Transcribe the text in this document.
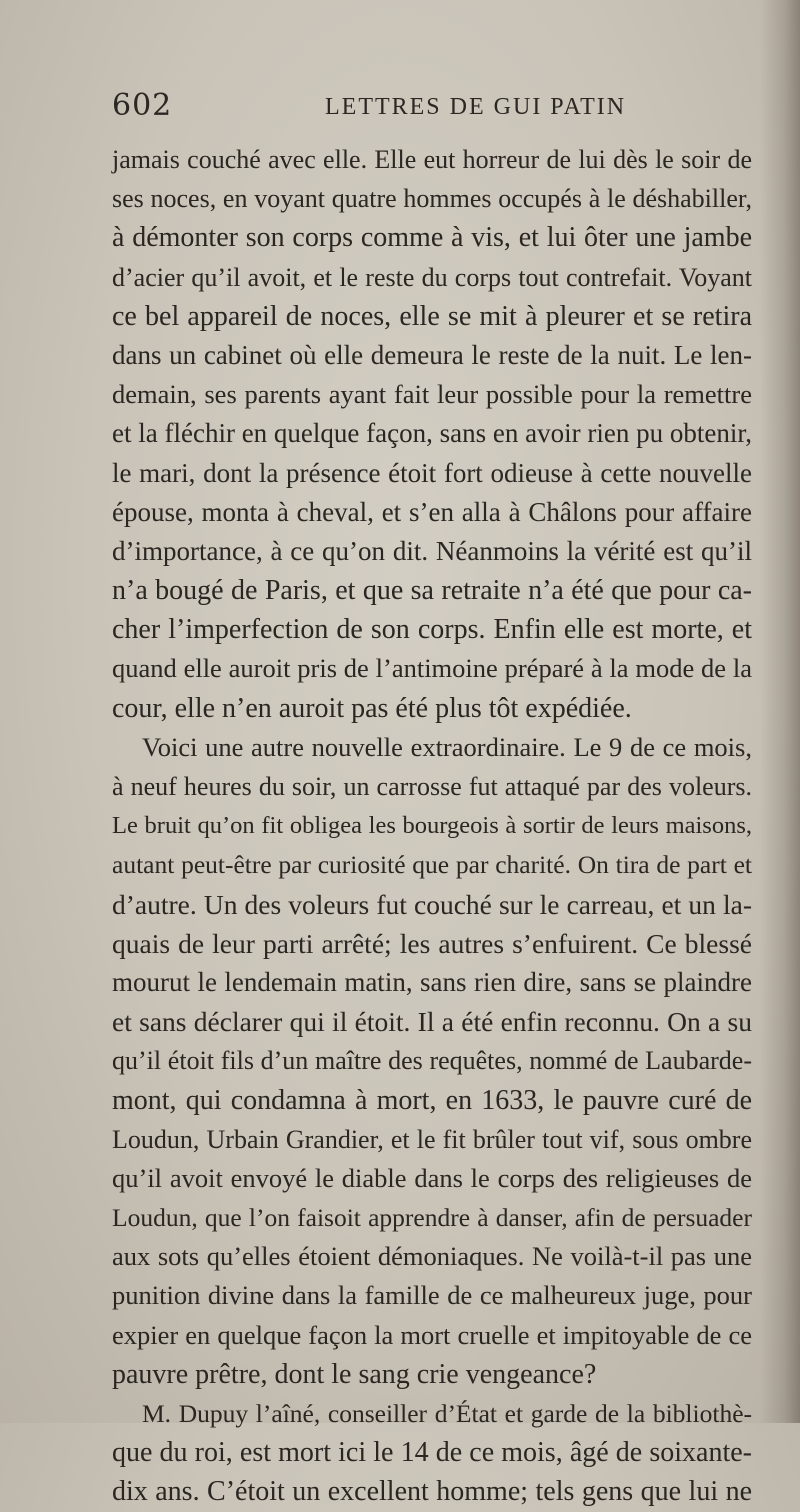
602	LETTRES DE GUI PATIN
jamais couché avec elle. Elle eut horreur de lui dès le soir de
ses noces, en voyant quatre hommes occupés à le déshabiller,
à démonter son corps comme à vis, et lui ôter une jambe
d’acier qu’il avoit, et le reste du corps tout contrefait. Voyant
ce bel appareil de noces, elle se mit à pleurer et se retira
dans un cabinet où elle demeura le reste de la nuit. Le len-
demain, ses parents ayant fait leur possible pour la remettre
et la fléchir en quelque façon, sans en avoir rien pu obtenir,
le mari, dont la présence étoit fort odieuse à cette nouvelle
épouse, monta à cheval, et s’en alla à Châlons pour affaire
d’importance, à ce qu’on dit. Néanmoins la vérité est qu’il
n’a bougé de Paris, et que sa retraite n’a été que pour ca-
cher l’imperfection de son corps. Enfin elle est morte, et
quand elle auroit pris de l’antimoine préparé à la mode de la
cour, elle n’en auroit pas été plus tôt expédiée.
Voici une autre nouvelle extraordinaire. Le 9 de ce mois,
à neuf heures du soir, un carrosse fut attaqué par des voleurs.
Le bruit qu’on fit obligea les bourgeois à sortir de leurs maisons,
autant peut-être par curiosité que par charité. On tira de part et
d’autre. Un des voleurs fut couché sur le carreau, et un la-
quais de leur parti arrêté; les autres s’enfuirent. Ce blessé
mourut le lendemain matin, sans rien dire, sans se plaindre
et sans déclarer qui il étoit. Il a été enfin reconnu. On a su
qu’il étoit fils d’un maître des requêtes, nommé de Laubarde-
mont, qui condamna à mort, en 1633, le pauvre curé de
Loudun, Urbain Grandier, et le fit brûler tout vif, sous ombre
qu’il avoit envoyé le diable dans le corps des religieuses de
Loudun, que l’on faisoit apprendre à danser, afin de persuader
aux sots qu’elles étoient démoniaques. Ne voilà-t-il pas une
punition divine dans la famille de ce malheureux juge, pour
expier en quelque façon la mort cruelle et impitoyable de ce
pauvre prêtre, dont le sang crie vengeance?
M. Dupuy l’aîné, conseiller d’État et garde de la bibliothè-
que du roi, est mort ici le 14 de ce mois, âgé de soixante-
dix ans. C’étoit un excellent homme; tels gens que lui ne
